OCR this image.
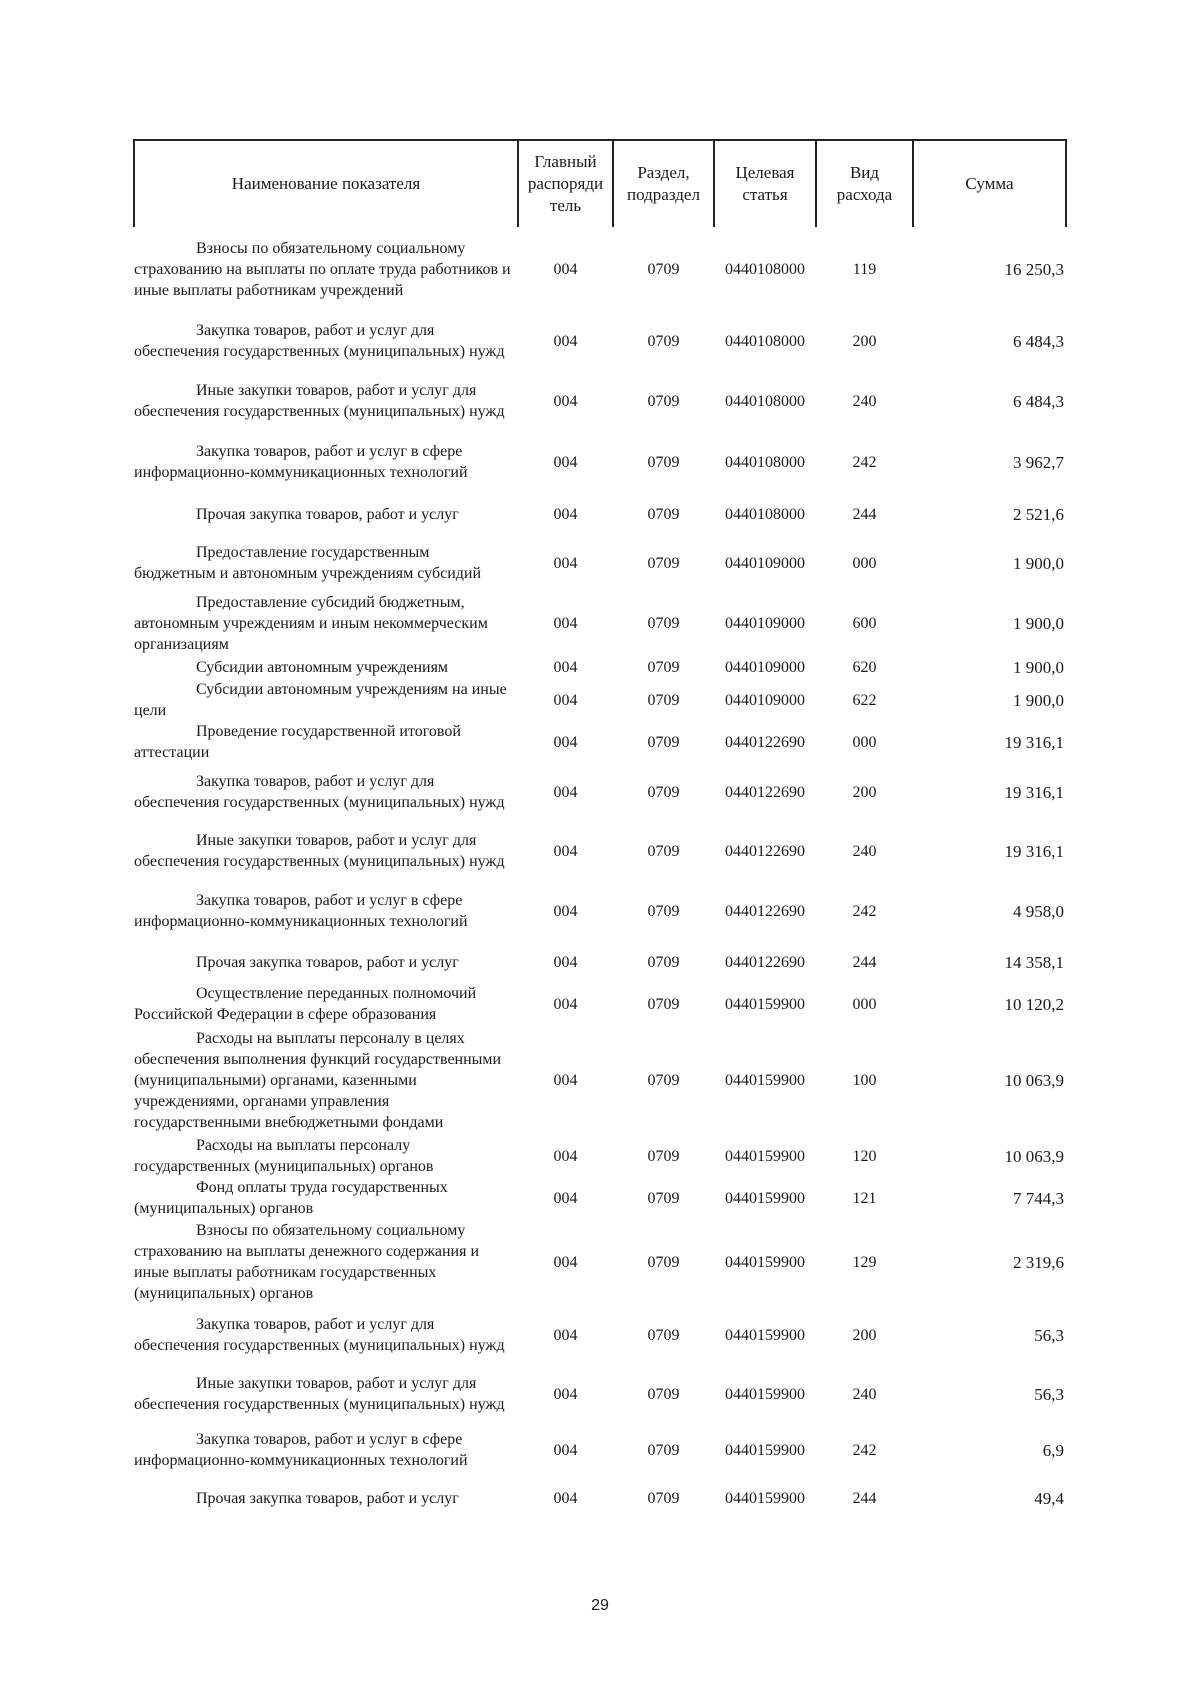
Наименование показателя	Главный распоряди тель	Раздел, подраздел	Целевая статья	Вид расхода	Сумма
Взносы по обязательному социальному страхованию на выплаты по оплате труда работников и иные выплаты работникам учреждений	004	0709	0440108000	119	16 250,3
Закупка товаров, работ и услуг для обеспечения государственных (муниципальных) нужд	004	0709	0440108000	200	6 484,3
Иные закупки товаров, работ и услуг для обеспечения государственных (муниципальных) нужд	004	0709	0440108000	240	6 484,3
Закупка товаров, работ и услуг в сфере информационно-коммуникационных технологий	004	0709	0440108000	242	3 962,7
Прочая закупка товаров, работ и услуг	004	0709	0440108000	244	2 521,6
Предоставление государственным бюджетным и автономным учреждениям субсидий	004	0709	0440109000	000	1 900,0
Предоставление субсидий бюджетным, автономным учреждениям и иным некоммерческим организациям	004	0709	0440109000	600	1 900,0
Субсидии автономным учреждениям	004	0709	0440109000	620	1 900,0
Субсидии автономным учреждениям на иные цели	004	0709	0440109000	622	1 900,0
Проведение государственной итоговой аттестации	004	0709	0440122690	000	19 316,1
Закупка товаров, работ и услуг для обеспечения государственных (муниципальных) нужд	004	0709	0440122690	200	19 316,1
Иные закупки товаров, работ и услуг для обеспечения государственных (муниципальных) нужд	004	0709	0440122690	240	19 316,1
Закупка товаров, работ и услуг в сфере информационно-коммуникационных технологий	004	0709	0440122690	242	4 958,0
Прочая закупка товаров, работ и услуг	004	0709	0440122690	244	14 358,1
Осуществление переданных полномочий Российской Федерации в сфере образования	004	0709	0440159900	000	10 120,2
Расходы на выплаты персоналу в целях обеспечения выполнения функций государственными (муниципальными) органами, казенными учреждениями, органами управления государственными внебюджетными фондами	004	0709	0440159900	100	10 063,9
Расходы на выплаты персоналу государственных (муниципальных) органов	004	0709	0440159900	120	10 063,9
Фонд оплаты труда государственных (муниципальных) органов	004	0709	0440159900	121	7 744,3
Взносы по обязательному социальному страхованию на выплаты денежного содержания и иные выплаты работникам государственных (муниципальных) органов	004	0709	0440159900	129	2 319,6
Закупка товаров, работ и услуг для обеспечения государственных (муниципальных) нужд	004	0709	0440159900	200	56,3
Иные закупки товаров, работ и услуг для обеспечения государственных (муниципальных) нужд	004	0709	0440159900	240	56,3
Закупка товаров, работ и услуг в сфере информационно-коммуникационных технологий	004	0709	0440159900	242	6,9
Прочая закупка товаров, работ и услуг	004	0709	0440159900	244	49,4
29
